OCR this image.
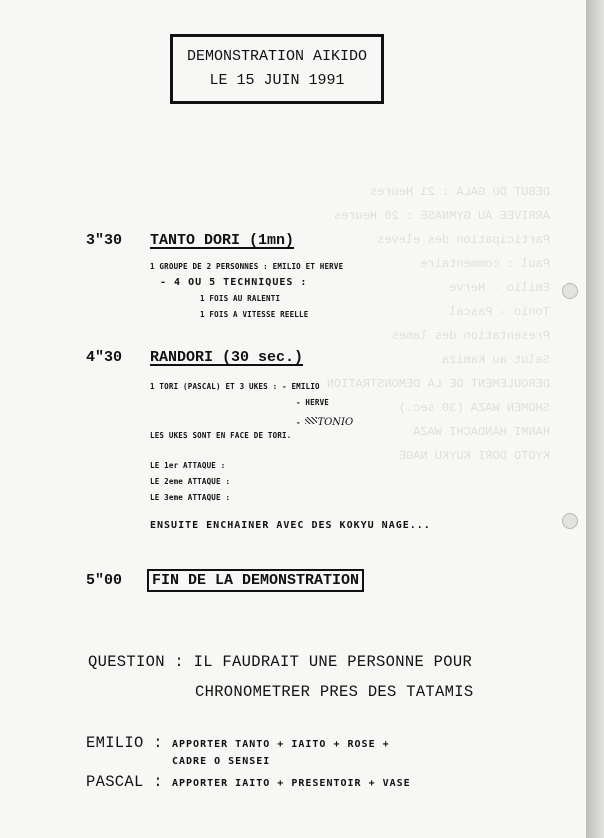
DEBUT DU GALA : 21 Heures
ARRIVEE AU GYMNASE : 20 Heures
Participation des eleves
Paul : commentaire
Emilio - Herve
Tonio - Pascal
Presentation des lames
Salut au Kamiza
DEROULEMENT DE LA DEMONSTRATION
SHOMEN WAZA (30 sec.)
HANMI HANDACHI WAZA
KYOTO DORI KUYKU NAGE
DEMONSTRATION AIKIDO
LE 15 JUIN 1991
3"30 TANTO DORI (1mn)
1 GROUPE DE 2 PERSONNES : EMILIO ET HERVE
- 4 OU 5 TECHNIQUES :
1 FOIS AU RALENTI
1 FOIS A VITESSE REELLE
4"30 RANDORI (30 sec.)
1 TORI (PASCAL) ET 3 UKES : - EMILIO
- HERVE
- TONIO
LES UKES SONT EN FACE DE TORI.
LE 1er ATTAQUE :
LE 2eme ATTAQUE :
LE 3eme ATTAQUE :
ENSUITE ENCHAINER AVEC DES KOKYU NAGE...
5"00	FIN DE LA DEMONSTRATION
QUESTION : IL FAUDRAIT UNE PERSONNE POUR
CHRONOMETRER PRES DES TATAMIS
EMILIO : APPORTER TANTO + IAITO + ROSE +
CADRE O SENSEI
PASCAL : APPORTER IAITO + PRESENTOIR + VASE
